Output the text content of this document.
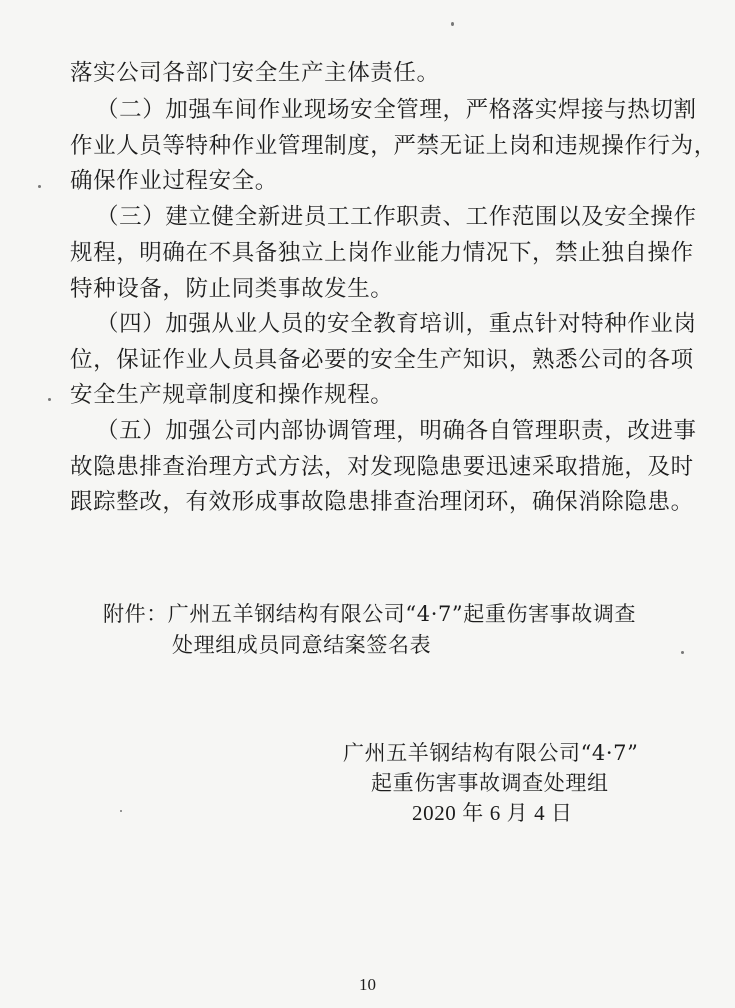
落实公司各部门安全生产主体责任。
（二）加强车间作业现场安全管理，严格落实焊接与热切割
作业人员等特种作业管理制度，严禁无证上岗和违规操作行为，
确保作业过程安全。
（三）建立健全新进员工工作职责、工作范围以及安全操作
规程，明确在不具备独立上岗作业能力情况下，禁止独自操作
特种设备，防止同类事故发生。
（四）加强从业人员的安全教育培训，重点针对特种作业岗
位，保证作业人员具备必要的安全生产知识，熟悉公司的各项
安全生产规章制度和操作规程。
（五）加强公司内部协调管理，明确各自管理职责，改进事
故隐患排查治理方式方法，对发现隐患要迅速采取措施，及时
跟踪整改，有效形成事故隐患排查治理闭环，确保消除隐患。
附件：广州五羊钢结构有限公司“4·7”起重伤害事故调查
处理组成员同意结案签名表
广州五羊钢结构有限公司“4·7”
起重伤害事故调查处理组
2020 年 6 月 4 日
10
